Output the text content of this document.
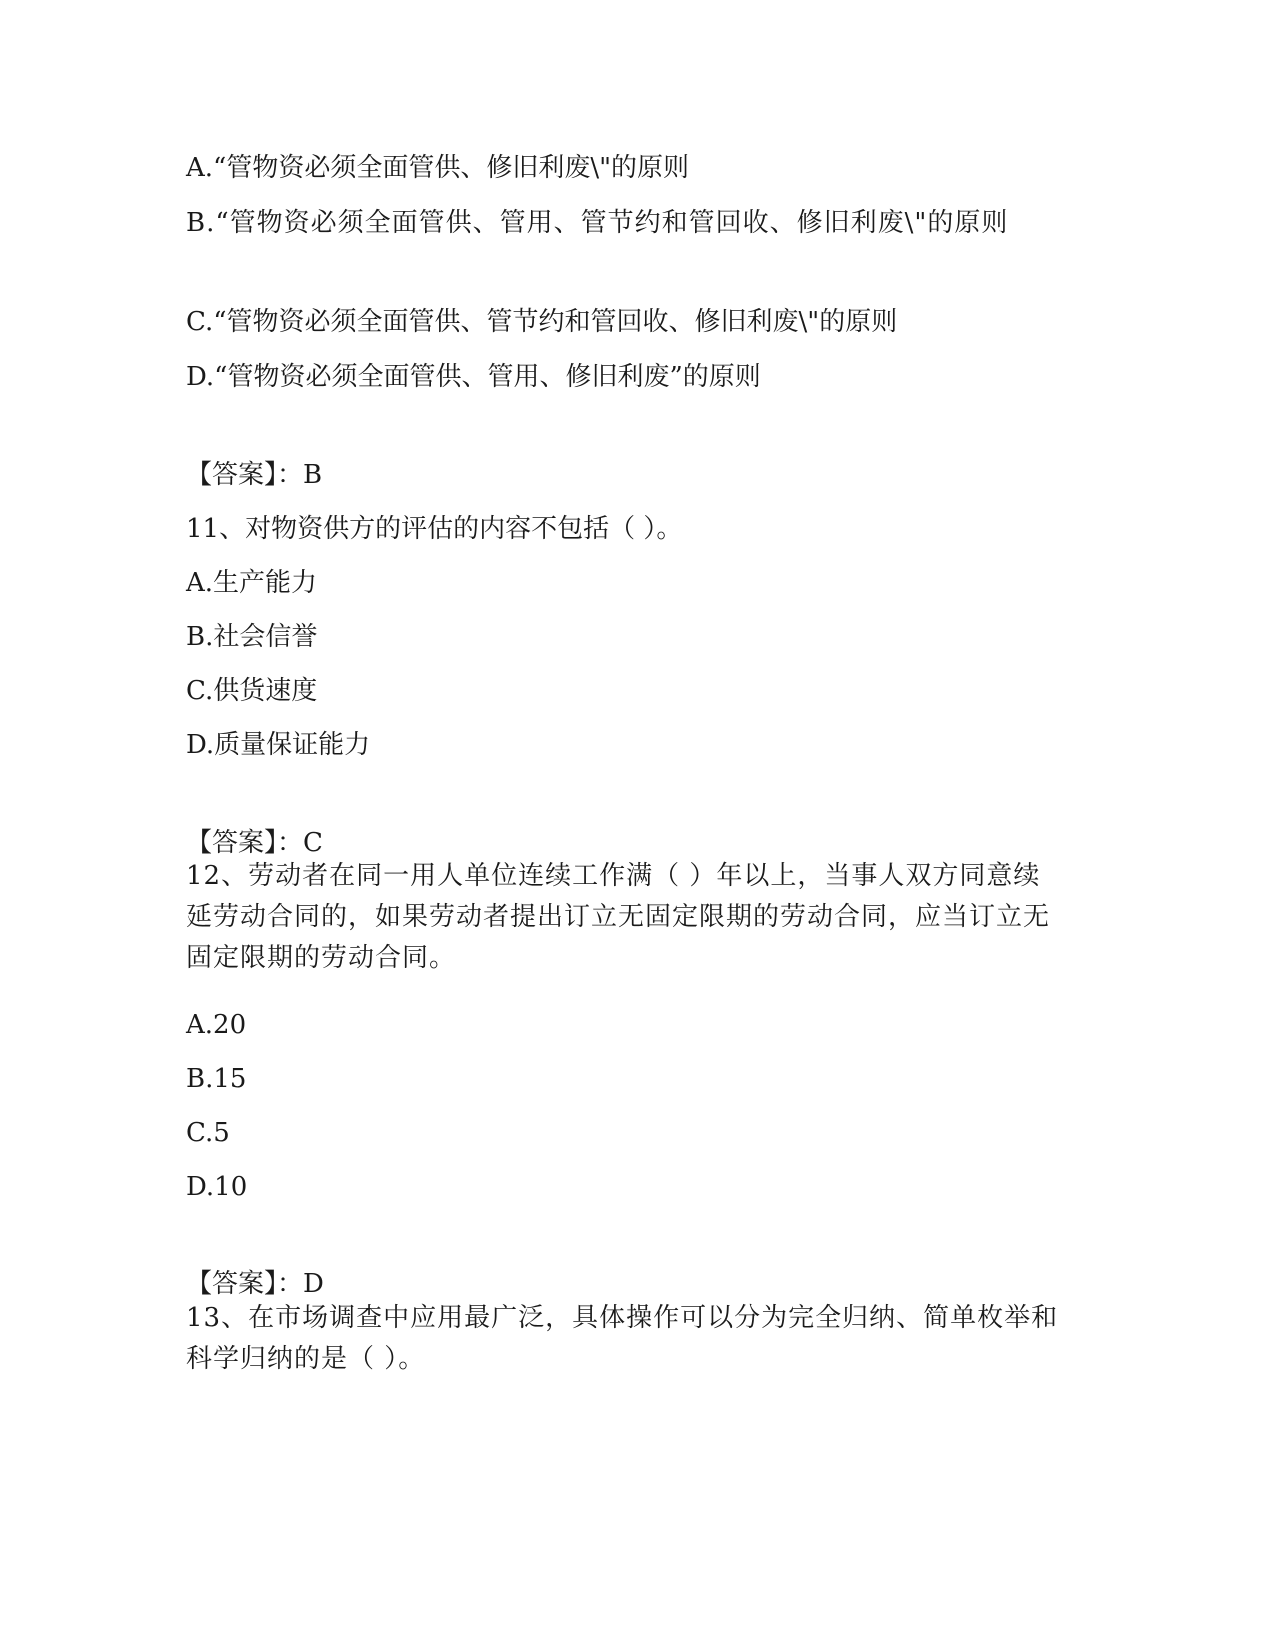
A.“管物资必须全面管供、修旧利废\"的原则
B.“管物资必须全面管供、管用、管节约和管回收、修旧利废\"的原则
C.“管物资必须全面管供、管节约和管回收、修旧利废\"的原则
D.“管物资必须全面管供、管用、修旧利废”的原则
【答案】：B
11、对物资供方的评估的内容不包括（ ）。
A.生产能力
B.社会信誉
C.供货速度
D.质量保证能力
【答案】：C
12、劳动者在同一用人单位连续工作满（ ）年以上，当事人双方同意续延劳动合同的，如果劳动者提出订立无固定限期的劳动合同，应当订立无固定限期的劳动合同。
A.20
B.15
C.5
D.10
【答案】：D
13、在市场调查中应用最广泛，具体操作可以分为完全归纳、简单枚举和科学归纳的是（ ）。
